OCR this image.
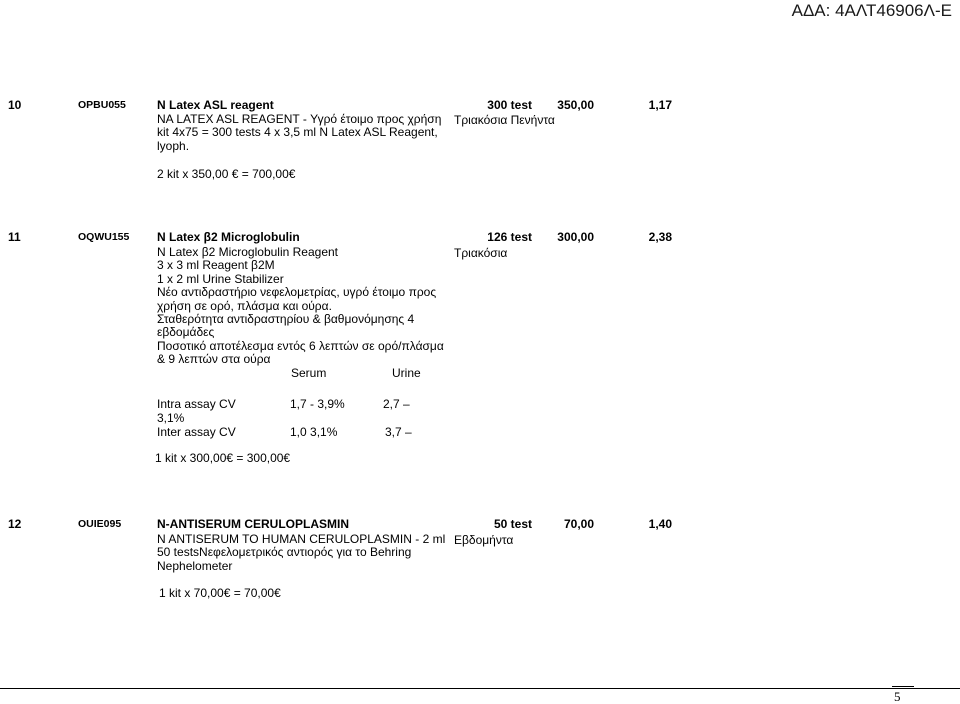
ΑΔΑ: 4ΑΛΤ46906Λ-Ε
10	OPBU055	N Latex ASL reagent
NA LATEX ASL REAGENT - Υγρό έτοιμο προς χρήση
kit 4x75 = 300 tests 4 x 3,5 ml N Latex ASL Reagent,
lyoph.
300 test	350,00	1,17
Τριακόσια Πενήντα
2 kit x 350,00 € = 700,00€
11	OQWU155 N Latex β2 Microglobulin
N Latex β2 Microglobulin Reagent
3 x 3 ml Reagent β2M
1 x 2 ml Urine Stabilizer
Νέο αντιδραστήριο νεφελομετρίας, υγρό έτοιμο προς
χρήση σε ορό, πλάσμα και ούρα.
Σταθερότητα αντιδραστηρίου & βαθμονόμησης 4
εβδομάδες
Ποσοτικό αποτέλεσμα εντός 6 λεπτών σε ορό/πλάσμα
& 9 λεπτών στα ούρα
Serum	Urine
Intra assay CV	1,7 - 3,9%	2,7 –
3,1%
Inter assay CV	1,0 3,1%	3,7 –
126 test	300,00	2,38
Τριακόσια
1 kit x 300,00€ = 300,00€
12	OUIE095	N-ANTISERUM CERULOPLASMIN
N ANTISERUM TO HUMAN CERULOPLASMIN - 2 ml
50 testsΝεφελομετρικός αντιορός για το Behring
Nephelometer
50 test	70,00	1,40
Εβδομήντα
1 kit x 70,00€ = 70,00€
5
